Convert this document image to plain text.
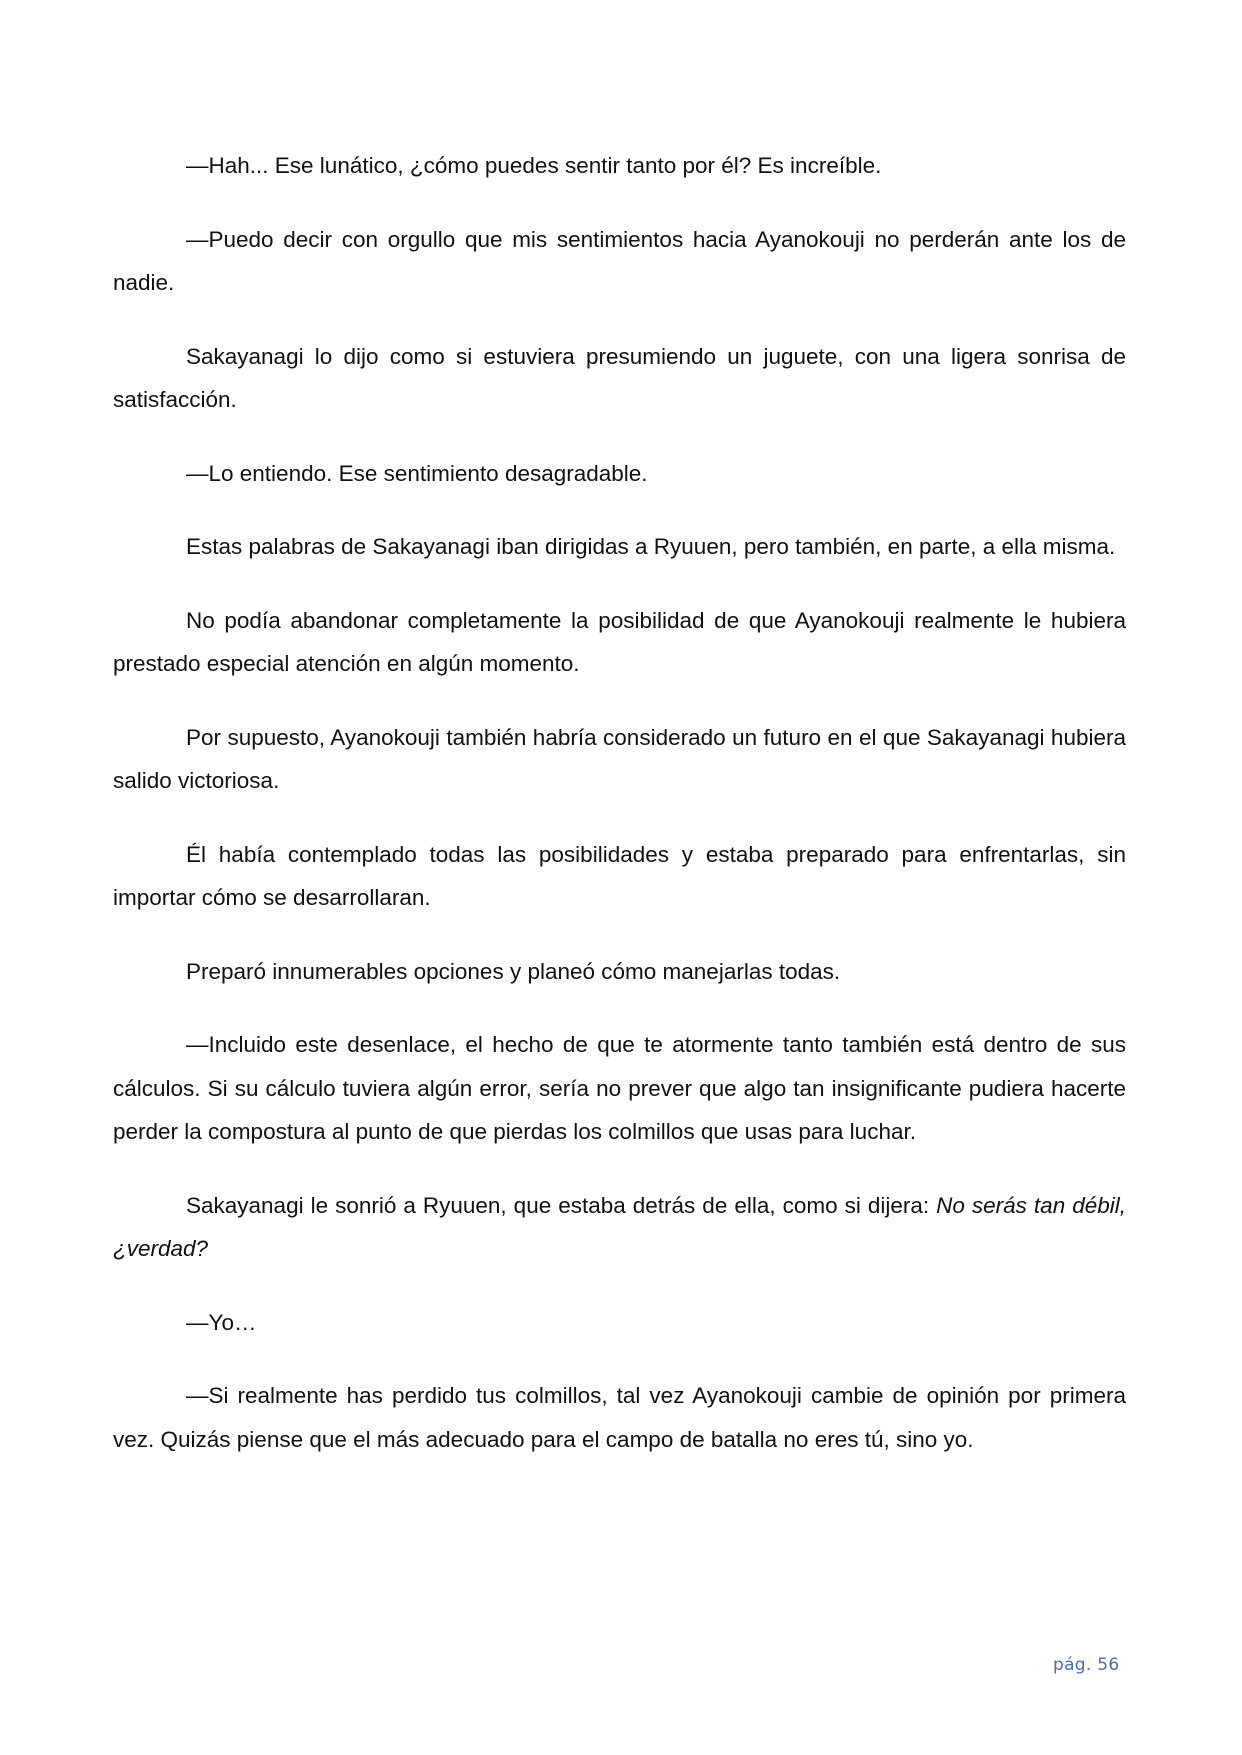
—Hah... Ese lunático, ¿cómo puedes sentir tanto por él? Es increíble.

—Puedo decir con orgullo que mis sentimientos hacia Ayanokouji no perderán ante los de nadie.

Sakayanagi lo dijo como si estuviera presumiendo un juguete, con una ligera sonrisa de satisfacción.

—Lo entiendo. Ese sentimiento desagradable.

Estas palabras de Sakayanagi iban dirigidas a Ryuuen, pero también, en parte, a ella misma.

No podía abandonar completamente la posibilidad de que Ayanokouji realmente le hubiera prestado especial atención en algún momento.

Por supuesto, Ayanokouji también habría considerado un futuro en el que Sakayanagi hubiera salido victoriosa.

Él había contemplado todas las posibilidades y estaba preparado para enfrentarlas, sin importar cómo se desarrollaran.

Preparó innumerables opciones y planeó cómo manejarlas todas.

—Incluido este desenlace, el hecho de que te atormente tanto también está dentro de sus cálculos. Si su cálculo tuviera algún error, sería no prever que algo tan insignificante pudiera hacerte perder la compostura al punto de que pierdas los colmillos que usas para luchar.

Sakayanagi le sonrió a Ryuuen, que estaba detrás de ella, como si dijera: No serás tan débil, ¿verdad?

—Yo…

—Si realmente has perdido tus colmillos, tal vez Ayanokouji cambie de opinión por primera vez. Quizás piense que el más adecuado para el campo de batalla no eres tú, sino yo.

pág. 56
